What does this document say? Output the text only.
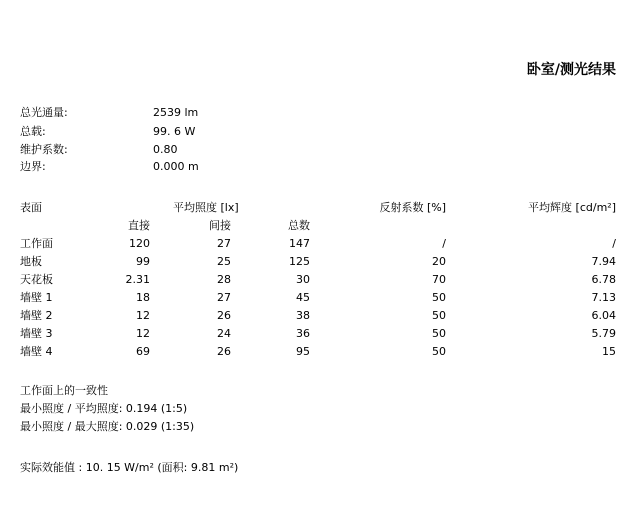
卧室/测光结果
总光通量:	2539 lm
总载:	99. 6 W
维护系数:	0.80
边界:	0.000 m
表面	平均照度 [lx]	反射系数 [%]	平均辉度 [cd/m²]
直接	间接	总数
工作面	120	27	147	/	/
地板	99	25	125	20	7.94
天花板	2.31	28	30	70	6.78
墙壁 1	18	27	45	50	7.13
墙壁 2	12	26	38	50	6.04
墙壁 3	12	24	36	50	5.79
墙壁 4	69	26	95	50	15
工作面上的一致性
最小照度 / 平均照度: 0.194 (1:5)
最小照度 / 最大照度: 0.029 (1:35)
实际效能值 : 10. 15 W/m² (面积: 9.81 m²)
